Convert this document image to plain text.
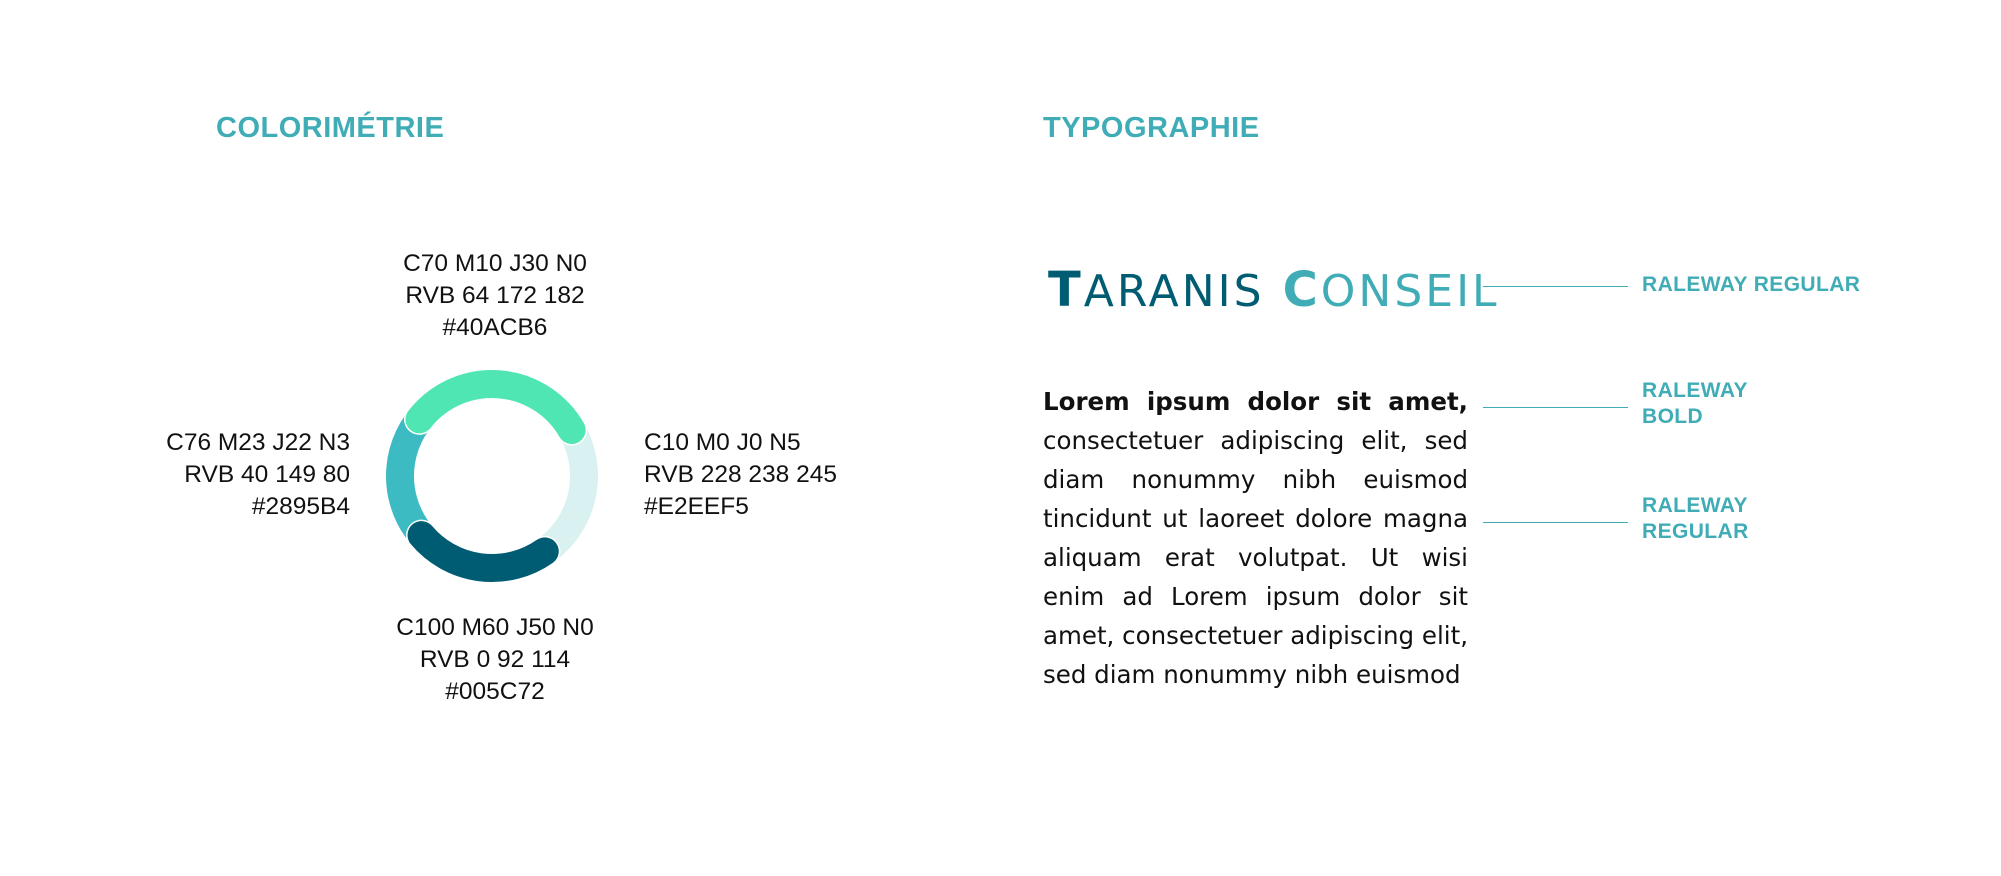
COLORIMÉTRIE
C70 M10 J30 N0
RVB 64 172 182
#40ACB6
C76 M23 J22 N3
RVB 40 149 80
#2895B4
C10 M0 J0 N5
RVB 228 238 245
#E2EEF5
C100 M60 J50 N0
RVB 0 92 114
#005C72
TYPOGRAPHIE
TARANIS CONSEIL	RALEWAY REGULAR
Lorem ipsum dolor sit amet, consectetuer adipiscing elit, sed diam nonummy nibh euismod tincidunt ut laoreet dolore magna aliquam erat volutpat. Ut wisi enim ad Lorem ipsum dolor sit amet, consectetuer adipiscing elit, sed diam nonummy nibh euismod
RALEWAY
BOLD
RALEWAY
REGULAR
